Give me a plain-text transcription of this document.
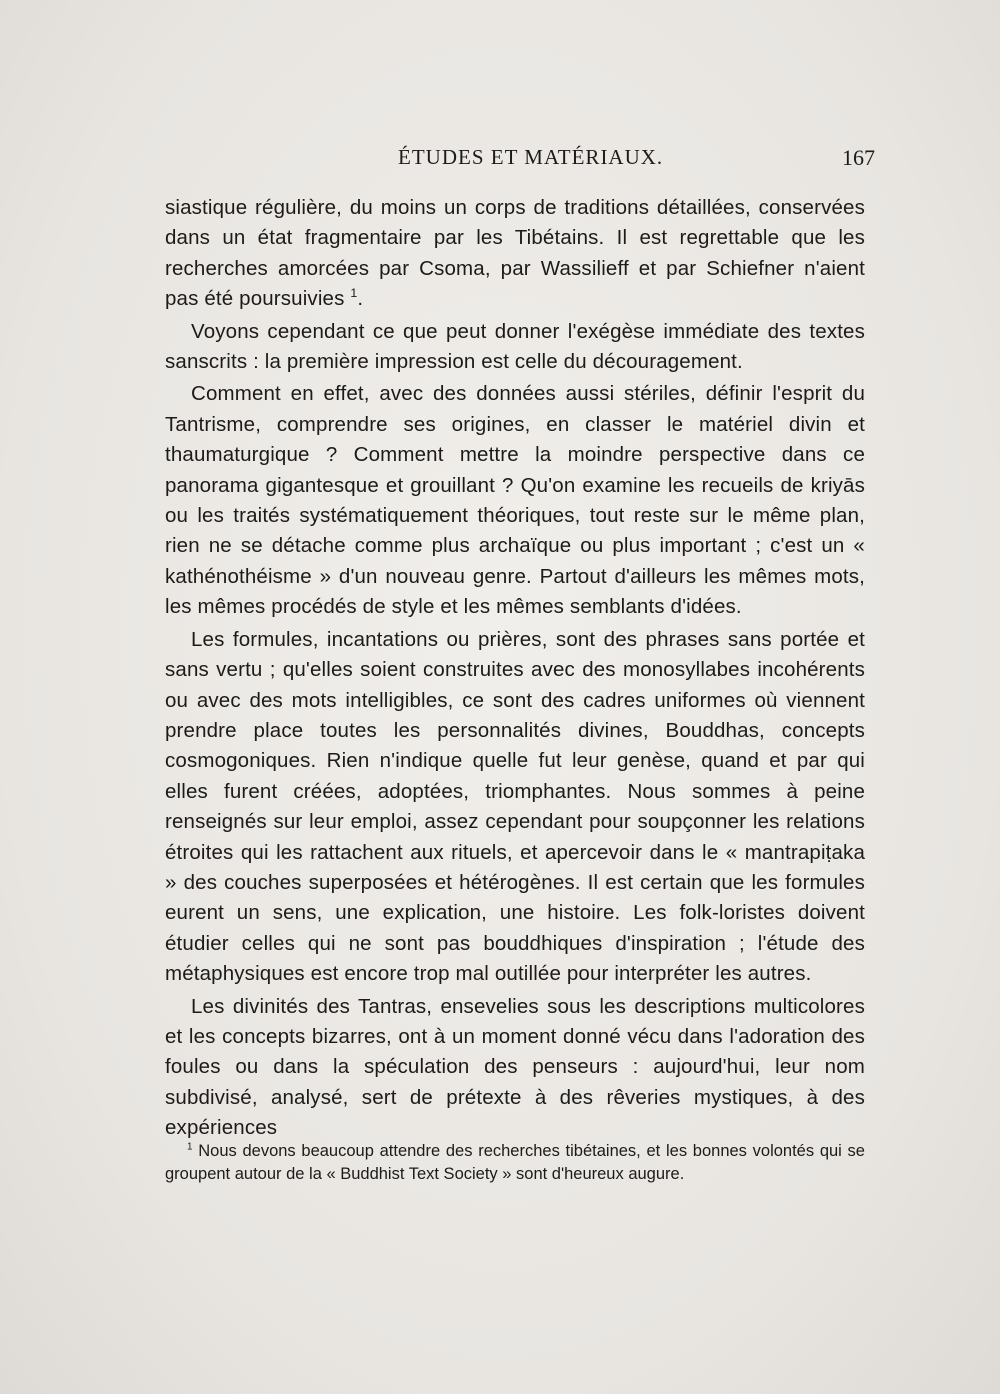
ÉTUDES ET MATÉRIAUX.	167

siastique régulière, du moins un corps de traditions détaillées, conservées dans un état fragmentaire par les Tibétains. Il est regrettable que les recherches amorcées par Csoma, par Wassilieff et par Schiefner n'aient pas été poursuivies $^1$.

Voyons cependant ce que peut donner l'exégèse immédiate des textes sanscrits : la première impression est celle du découragement.

Comment en effet, avec des données aussi stériles, définir l'esprit du Tantrisme, comprendre ses origines, en classer le matériel divin et thaumaturgique ? Comment mettre la moindre perspective dans ce panorama gigantesque et grouillant ? Qu'on examine les recueils de kriyās ou les traités systématiquement théoriques, tout reste sur le même plan, rien ne se détache comme plus archaïque ou plus important ; c'est un « kathénothéisme » d'un nouveau genre. Partout d'ailleurs les mêmes mots, les mêmes procédés de style et les mêmes semblants d'idées.

Les formules, incantations ou prières, sont des phrases sans portée et sans vertu ; qu'elles soient construites avec des monosyllabes incohérents ou avec des mots intelligibles, ce sont des cadres uniformes où viennent prendre place toutes les personnalités divines, Bouddhas, concepts cosmogoniques. Rien n'indique quelle fut leur genèse, quand et par qui elles furent créées, adoptées, triomphantes. Nous sommes à peine renseignés sur leur emploi, assez cependant pour soupçonner les relations étroites qui les rattachent aux rituels, et apercevoir dans le « mantrapiṭaka » des couches superposées et hétérogènes. Il est certain que les formules eurent un sens, une explication, une histoire. Les folk-loristes doivent étudier celles qui ne sont pas bouddhiques d'inspiration ; l'étude des métaphysiques est encore trop mal outillée pour interpréter les autres.

Les divinités des Tantras, ensevelies sous les descriptions multicolores et les concepts bizarres, ont à un moment donné vécu dans l'adoration des foules ou dans la spéculation des penseurs : aujourd'hui, leur nom subdivisé, analysé, sert de prétexte à des rêveries mystiques, à des expériences

$^1$ Nous devons beaucoup attendre des recherches tibétaines, et les bonnes volontés qui se groupent autour de la « Buddhist Text Society » sont d'heureux augure.
